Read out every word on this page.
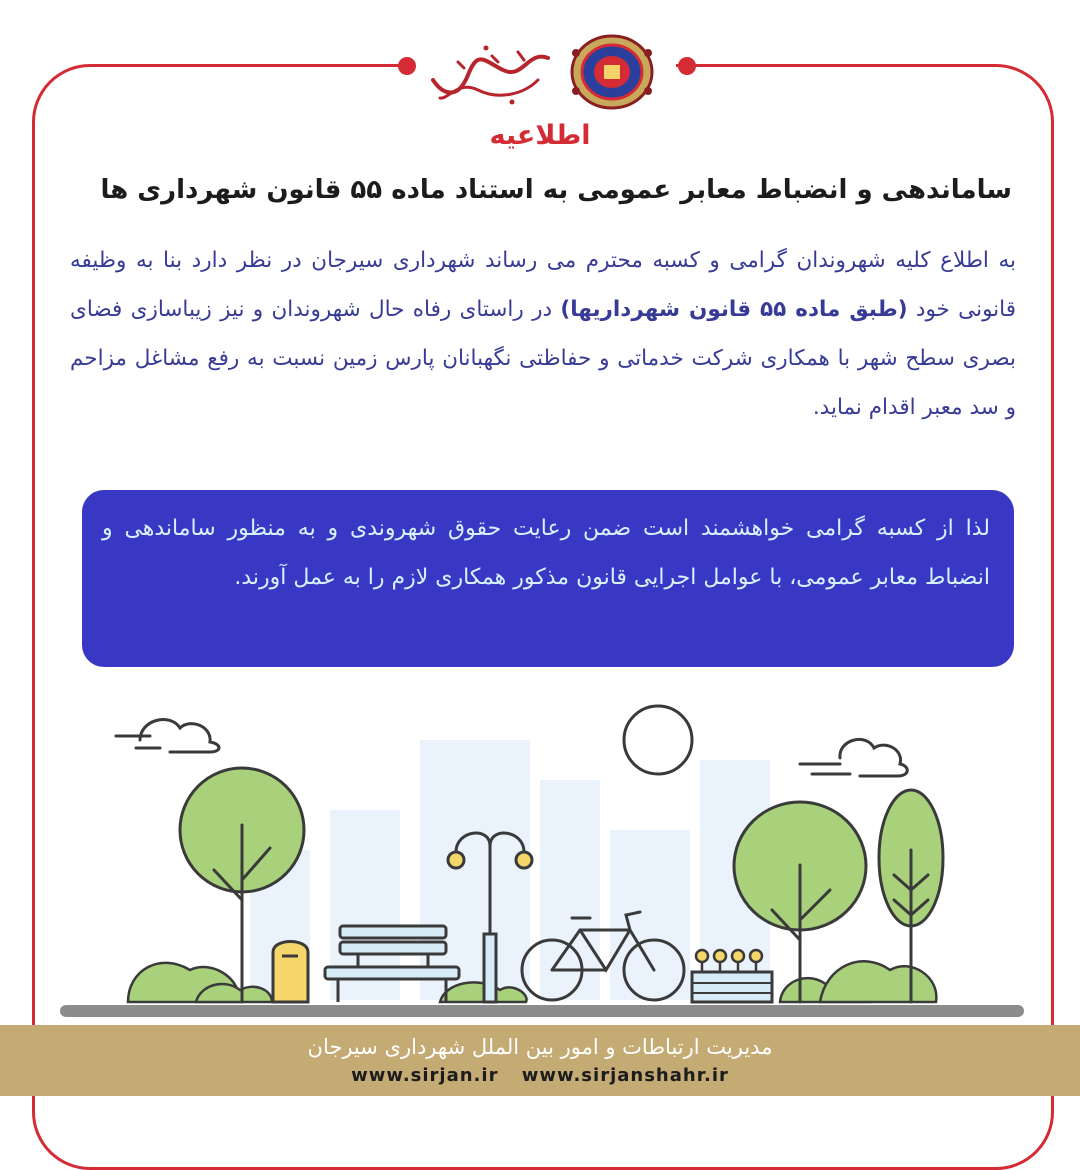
اطلاعیه
ساماندهی و انضباط معابر عمومی به استناد ماده ۵۵ قانون شهرداری ها
به اطلاع کلیه شهروندان گرامی و کسبه محترم می رساند شهرداری سیرجان در نظر دارد بنا به وظیفه قانونی خود (طبق ماده ۵۵ قانون شهرداریها) در راستای رفاه حال شهروندان و نیز زیباسازی فضای بصری سطح شهر با همکاری شرکت خدماتی و حفاظتی نگهبانان پارس زمین نسبت به رفع مشاغل مزاحم و سد معبر اقدام نماید.
لذا از کسبه گرامی خواهشمند است ضمن رعایت حقوق شهروندی و به منظور ساماندهی و انضباط معابر عمومی، با عوامل اجرایی قانون مذکور همکاری لازم را به عمل آورند.
مدیریت ارتباطات و امور بین الملل شهرداری سیرجان
www.sirjan.ir www.sirjanshahr.ir
